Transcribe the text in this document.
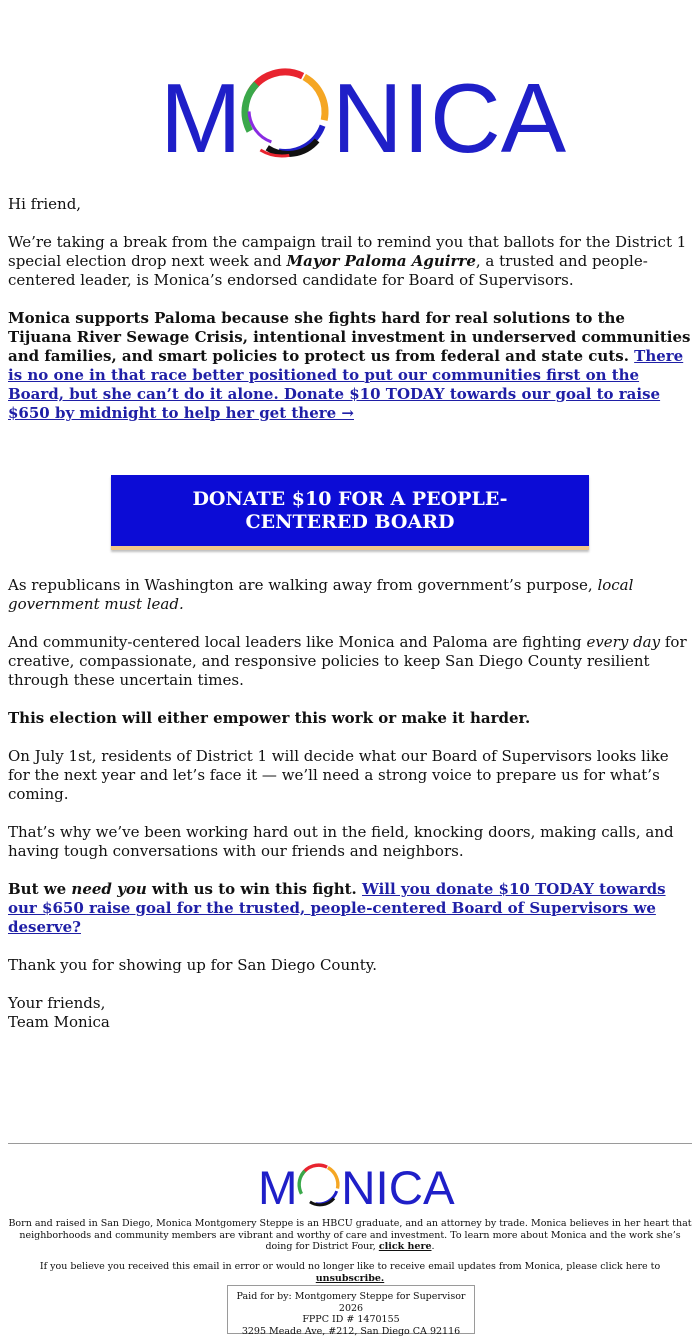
M NICA

Hi friend,

We’re taking a break from the campaign trail to remind you that ballots for the District 1 special election drop next week and Mayor Paloma Aguirre, a trusted and people-centered leader, is Monica’s endorsed candidate for Board of Supervisors.

Monica supports Paloma because she fights hard for real solutions to the Tijuana River Sewage Crisis, intentional investment in underserved communities and families, and smart policies to protect us from federal and state cuts. There is no one in that race better positioned to put our communities first on the Board, but she can’t do it alone. Donate $10 TODAY towards our goal to raise $650 by midnight to help her get there →

DONATE $10 FOR A PEOPLE-CENTERED BOARD

As republicans in Washington are walking away from government’s purpose, local government must lead.

And community-centered local leaders like Monica and Paloma are fighting every day for creative, compassionate, and responsive policies to keep San Diego County resilient through these uncertain times.

This election will either empower this work or make it harder.

On July 1st, residents of District 1 will decide what our Board of Supervisors looks like for the next year and let’s face it — we’ll need a strong voice to prepare us for what’s coming.

That’s why we’ve been working hard out in the field, knocking doors, making calls, and having tough conversations with our friends and neighbors.

But we need you with us to win this fight. Will you donate $10 TODAY towards our $650 raise goal for the trusted, people-centered Board of Supervisors we deserve?

Thank you for showing up for San Diego County.

Your friends,
Team Monica

M NICA
Born and raised in San Diego, Monica Montgomery Steppe is an HBCU graduate, and an attorney by trade. Monica believes in her heart that neighborhoods and community members are vibrant and worthy of care and investment. To learn more about Monica and the work she’s doing for District Four, click here.
If you believe you received this email in error or would no longer like to receive email updates from Monica, please click here to unsubscribe.
Paid for by: Montgomery Steppe for Supervisor 2026
FPPC ID # 1470155
3295 Meade Ave, #212, San Diego CA 92116
